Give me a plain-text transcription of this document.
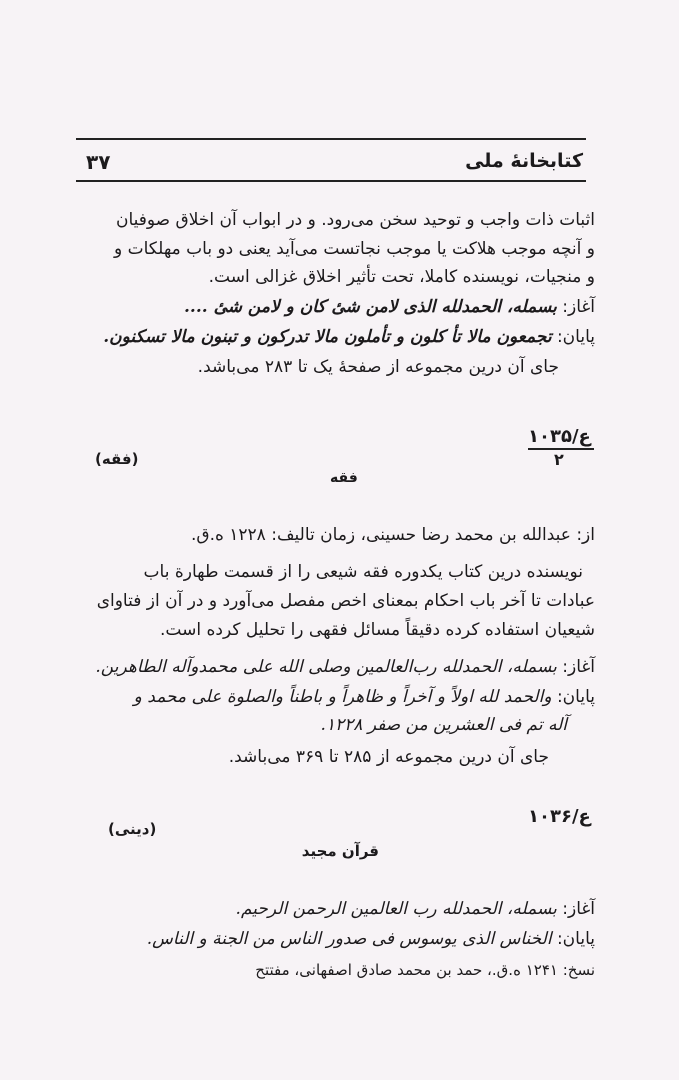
۳۷	کتابخانهٔ ملی
اثبات ذات واجب و توحید سخن می‌رود. و در ابواب آن اخلاق صوفیان
و آنچه موجب هلاکت یا موجب نجاتست می‌آید یعنی دو باب مهلکات و
و منجیات، نویسنده کاملا، تحت تأثیر اخلاق غزالی است.
آغاز: بسمله، الحمدلله الذی لامن شیٔ کان و لامن شیٔ ....
پایان: تجمعون مالا تأ کلون و تأملون مالا تدرکون و تبنون مالا تسکنون.
جای آن درین مجموعه از صفحهٔ یک تا ۲۸۳ می‌باشد.
۱۰۳۵/ع
۲
(فقه)
فقه
از: عبدالله بن محمد رضا حسینی، زمان تالیف: ۱۲۲۸ ه.ق.
نویسنده درین کتاب یکدوره فقه شیعی را از قسمت طهارة باب
عبادات تا آخر باب احکام بمعنای اخص مفصل می‌آورد و در آن از فتاوای
شیعیان استفاده کرده دقیقاً مسائل فقهی را تحلیل کرده است.
آغاز: بسمله، الحمدلله رب‌العالمین وصلی الله علی محمدوآله الطاهرین.
پایان: والحمد لله اولاً و آخراً و ظاهراً و باطناً والصلوة علی محمد و
آله تم فی العشرین من صفر ۱۲۲۸.
جای آن درین مجموعه از ۲۸۵ تا ۳۶۹ می‌باشد.
۱۰۳۶/ع
(دینی)
قرآن مجید
آغاز: بسمله، الحمدلله رب العالمین الرحمن الرحیم.
پایان: الخناس الذی یوسوس فی صدور الناس من الجنة و الناس.
نسخ: ۱۲۴۱ ه.ق.، حمد بن محمد صادق اصفهانی، مفتتح
